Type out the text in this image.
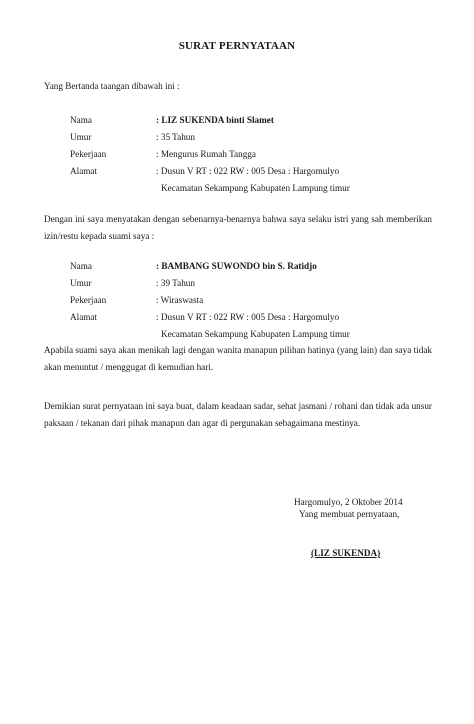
SURAT PERNYATAAN
Yang Bertanda taangan dibawah ini :
Nama	: LIZ SUKENDA binti Slamet
Umur	: 35 Tahun
Pekerjaan	: Mengurus Rumah Tangga
Alamat	: Dusun V RT : 022 RW : 005 Desa : Hargomulyo
Kecamatan Sekampung Kabupaten Lampung timur
Dengan ini saya menyatakan dengan sebenarnya-benarnya bahwa saya selaku istri yang sah memberikan izin/restu kepada suami saya :
Nama	: BAMBANG SUWONDO bin S. Ratidjo
Umur	: 39 Tahun
Pekerjaan	: Wiraswasta
Alamat	: Dusun V RT : 022 RW : 005 Desa : Hargomulyo
Kecamatan Sekampung Kabupaten Lampung timur
Apabila suami saya akan menikah lagi dengan wanita manapun pilihan hatinya (yang lain) dan saya tidak akan menuntut / menggugat di kemudian hari.
Demikian surat pernyataan ini saya buat, dalam keadaan sadar, sehat jasmani / rohani dan tidak ada unsur paksaan / tekanan dari pihak manapun dan agar di pergunakan sebagaimana mestinya.
Hargomulyo, 2 Oktober 2014
Yang membuat pernyataan,
(LIZ SUKENDA)
